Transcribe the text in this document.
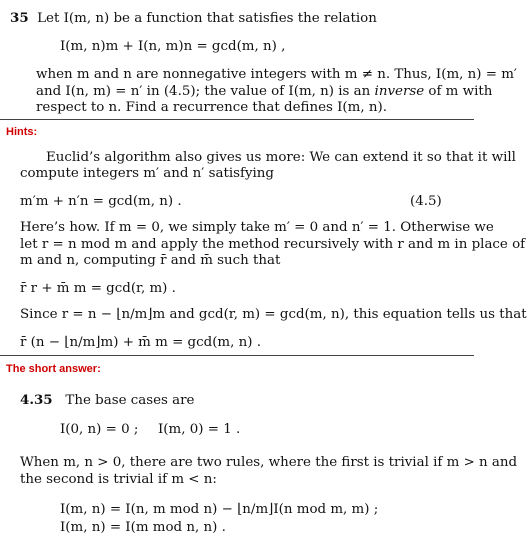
35 Let I(m, n) be a function that satisfies the relation
I(m, n)m + I(n, m)n = gcd(m, n) ,
when m and n are nonnegative integers with m ≠ n. Thus, I(m, n) = m′
and I(n, m) = n′ in (4.5); the value of I(m, n) is an inverse of m with
respect to n. Find a recurrence that defines I(m, n).
Hints:
Euclid’s algorithm also gives us more: We can extend it so that it will
compute integers m′ and n′ satisfying
m′m + n′n = gcd(m, n) .	(4.5)
Here’s how. If m = 0, we simply take m′ = 0 and n′ = 1. Otherwise we
let r = n mod m and apply the method recursively with r and m in place of
m and n, computing r̄ and m̄ such that
r̄ r + m̄ m = gcd(r, m) .
Since r = n − ⌊n/m⌋m and gcd(r, m) = gcd(m, n), this equation tells us that
r̄ (n − ⌊n/m⌋m) + m̄ m = gcd(m, n) .
The short answer:
4.35 The base cases are
I(0, n) = 0 ; I(m, 0) = 1 .
When m, n > 0, there are two rules, where the first is trivial if m > n and
the second is trivial if m < n:
I(m, n) = I(n, m mod n) − ⌊n/m⌋I(n mod m, m) ;
I(m, n) = I(m mod n, n) .
